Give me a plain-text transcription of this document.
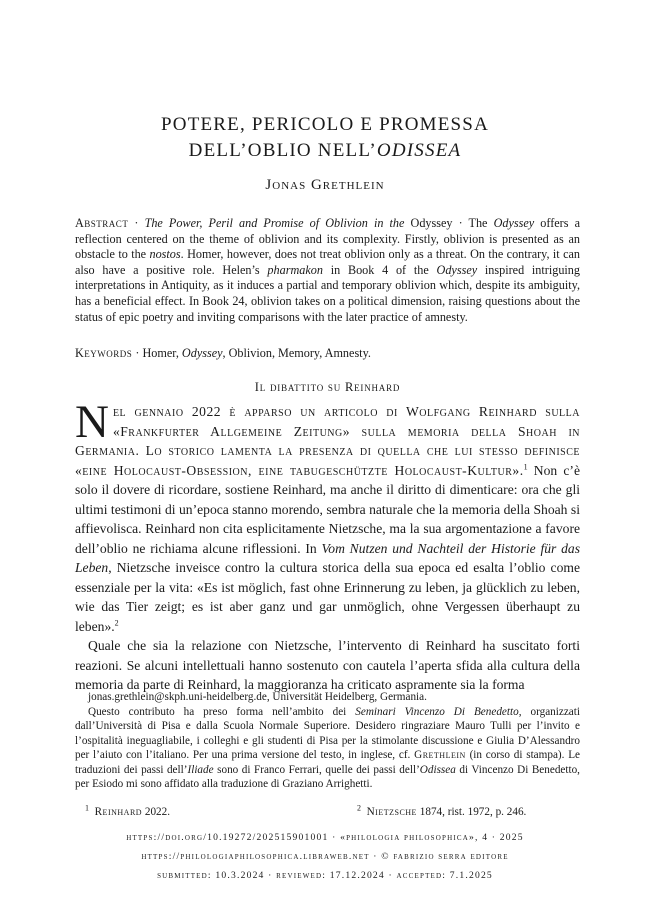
POTERE, PERICOLO E PROMESSA
DELL’OBLIO NELL’ODISSEA
Jonas Grethlein
Abstract · The Power, Peril and Promise of Oblivion in the Odyssey · The Odyssey offers a reflection centered on the theme of oblivion and its complexity. Firstly, oblivion is presented as an obstacle to the nostos. Homer, however, does not treat oblivion only as a threat. On the contrary, it can also have a positive role. Helen’s pharmakon in Book 4 of the Odyssey inspired intriguing interpretations in Antiquity, as it induces a partial and temporary oblivion which, despite its ambiguity, has a beneficial effect. In Book 24, oblivion takes on a political dimension, raising questions about the status of epic poetry and inviting comparisons with the later practice of amnesty.
Keywords · Homer, Odyssey, Oblivion, Memory, Amnesty.
Il dibattito su Reinhard

Nel gennaio 2022 è apparso un articolo di Wolfgang Reinhard sulla «Frankfurter Allgemeine Zeitung» sulla memoria della Shoah in Germania. Lo storico lamenta la presenza di quella che lui stesso definisce «eine Holocaust-Obsession, eine tabugeschützte Holocaust-Kultur».$^1$ Non c’è solo il dovere di ricordare, sostiene Reinhard, ma anche il diritto di dimenticare: ora che gli ultimi testimoni di un’epoca stanno morendo, sembra naturale che la memoria della Shoah si affievolisca. Reinhard non cita esplicitamente Nietzsche, ma la sua argomentazione a favore dell’oblio ne richiama alcune riflessioni. In Vom Nutzen und Nachteil der Historie für das Leben, Nietzsche inveisce contro la cultura storica della sua epoca ed esalta l’oblio come essenziale per la vita: «Es ist möglich, fast ohne Erinnerung zu leben, ja glücklich zu leben, wie das Tier zeigt; es ist aber ganz und gar unmöglich, ohne Vergessen überhaupt zu leben».$^2$

Quale che sia la relazione con Nietzsche, l’intervento di Reinhard ha suscitato forti reazioni. Se alcuni intellettuali hanno sostenuto con cautela l’aperta sfida alla cultura della memoria da parte di Reinhard, la maggioranza ha criticato aspramente sia la forma

jonas.grethlein@skph.uni-heidelberg.de, Universität Heidelberg, Germania.

Questo contributo ha preso forma nell’ambito dei Seminari Vincenzo Di Benedetto, organizzati dall’Università di Pisa e dalla Scuola Normale Superiore. Desidero ringraziare Mauro Tulli per l’invito e l’ospitalità ineguagliabile, i colleghi e gli studenti di Pisa per la stimolante discussione e Giulia D’Alessandro per l’aiuto con l’italiano. Per una prima versione del testo, in inglese, cf. Grethlein (in corso di stampa). Le traduzioni dei passi dell’Iliade sono di Franco Ferrari, quelle dei passi dell’Odissea di Vincenzo Di Benedetto, per Esiodo mi sono affidato alla traduzione di Graziano Arrighetti.

$^1$ Reinhard 2022.	$^2$ Nietzsche 1874, rist. 1972, p. 246.
https://doi.org/10.19272/202515901001 · «philologia philosophica», 4 · 2025
https://philologiaphilosophica.libraweb.net · © fabrizio serra editore
submitted: 10.3.2024 · reviewed: 17.12.2024 · accepted: 7.1.2025
